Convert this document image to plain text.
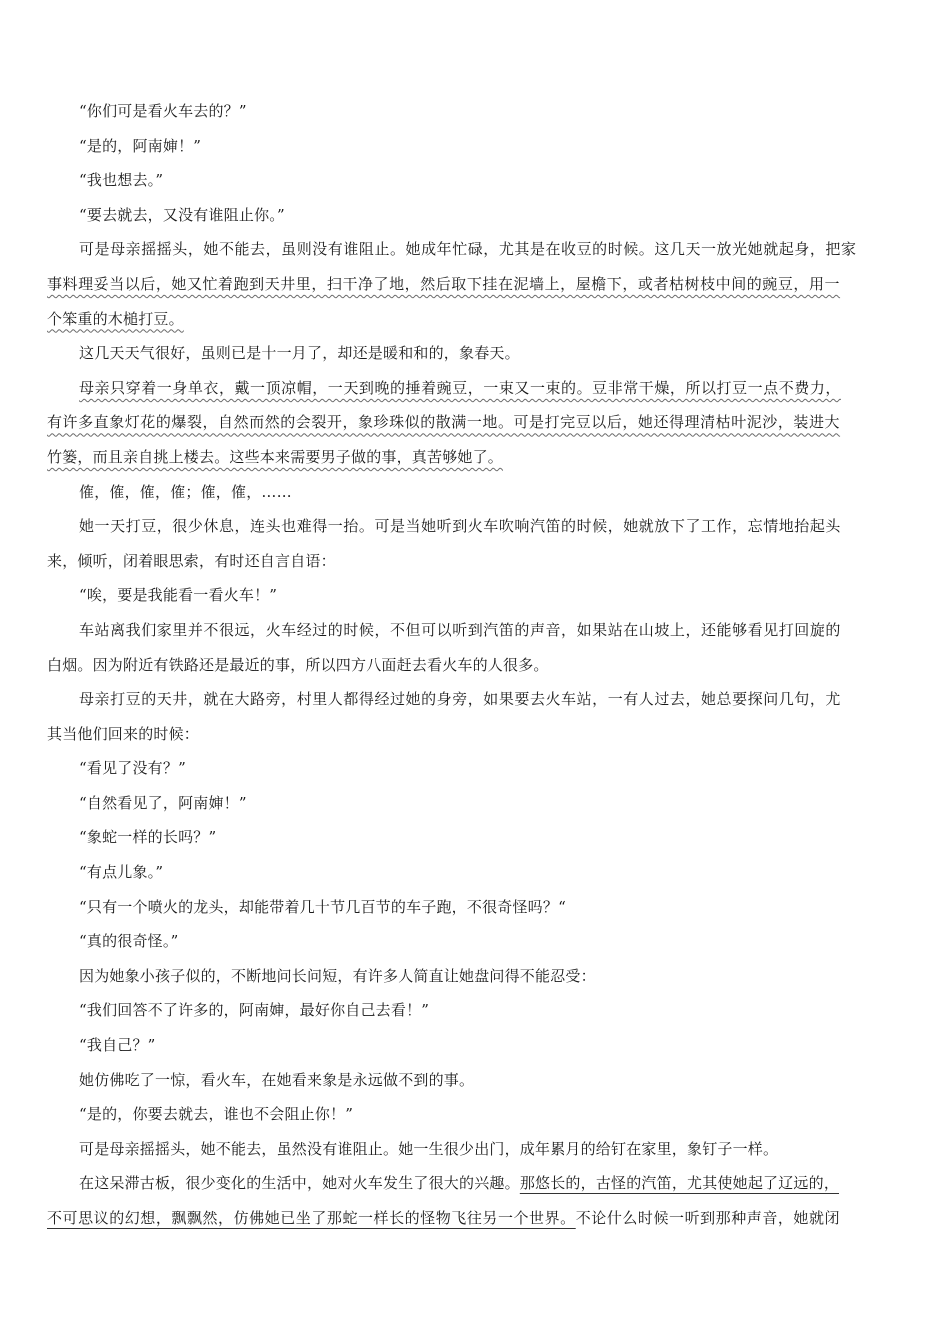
“你们可是看火车去的？”

“是的，阿南婶！”

“我也想去。”

“要去就去，又没有谁阻止你。”

可是母亲摇摇头，她不能去，虽则没有谁阻止。她成年忙碌，尤其是在收豆的时候。这几天一放光她就起身，把家

事料理妥当以后，她又忙着跑到天井里，扫干净了地，然后取下挂在泥墙上，屋檐下，或者枯树枝中间的豌豆，用一

个笨重的木槌打豆。

这几天天气很好，虽则已是十一月了，却还是暖和和的，象春天。

母亲只穿着一身单衣，戴一顶凉帽，一天到晚的捶着豌豆，一束又一束的。豆非常干燥，所以打豆一点不费力，

有许多直象灯花的爆裂，自然而然的会裂开，象珍珠似的散满一地。可是打完豆以后，她还得理清枯叶泥沙，装进大

竹篓，而且亲自挑上楼去。这些本来需要男子做的事，真苦够她了。

傕，傕，傕，傕；傕，傕，……

她一天打豆，很少休息，连头也难得一抬。可是当她听到火车吹响汽笛的时候，她就放下了工作，忘情地抬起头

来，倾听，闭着眼思索，有时还自言自语：

“唉，要是我能看一看火车！”

车站离我们家里并不很远，火车经过的时候，不但可以听到汽笛的声音，如果站在山坡上，还能够看见打回旋的

白烟。因为附近有铁路还是最近的事，所以四方八面赶去看火车的人很多。

母亲打豆的天井，就在大路旁，村里人都得经过她的身旁，如果要去火车站，一有人过去，她总要探问几句，尤

其当他们回来的时候：

“看见了没有？”

“自然看见了，阿南婶！”

“象蛇一样的长吗？”

“有点儿象。”

“只有一个喷火的龙头，却能带着几十节几百节的车子跑，不很奇怪吗？“

“真的很奇怪。”

因为她象小孩子似的，不断地问长问短，有许多人简直让她盘问得不能忍受：

“我们回答不了许多的，阿南婶，最好你自己去看！”

“我自己？”

她仿佛吃了一惊，看火车，在她看来象是永远做不到的事。

“是的，你要去就去，谁也不会阻止你！”

可是母亲摇摇头，她不能去，虽然没有谁阻止。她一生很少出门，成年累月的给钉在家里，象钉子一样。

在这呆滞古板，很少变化的生活中，她对火车发生了很大的兴趣。那悠长的，古怪的汽笛，尤其使她起了辽远的，

不可思议的幻想，飘飘然，仿佛她已坐了那蛇一样长的怪物飞往另一个世界。不论什么时候一听到那种声音，她就闭
